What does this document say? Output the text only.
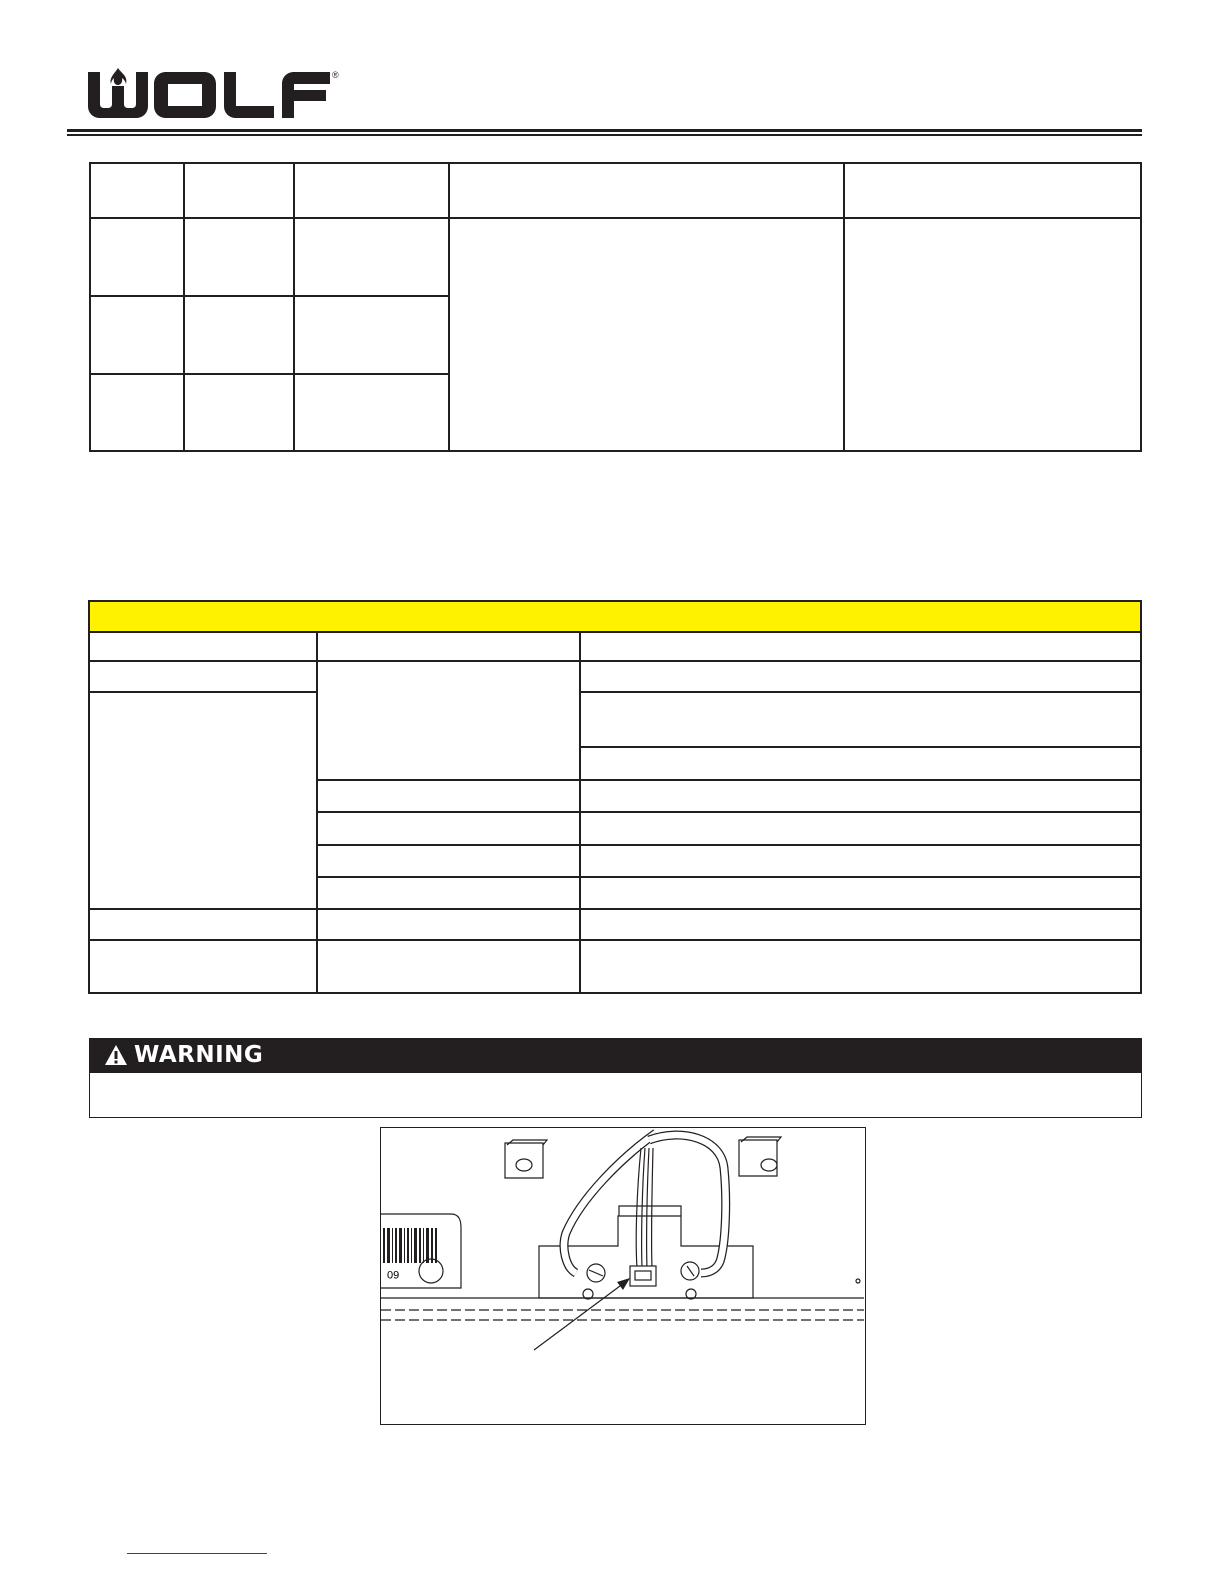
®
WARNING
60
